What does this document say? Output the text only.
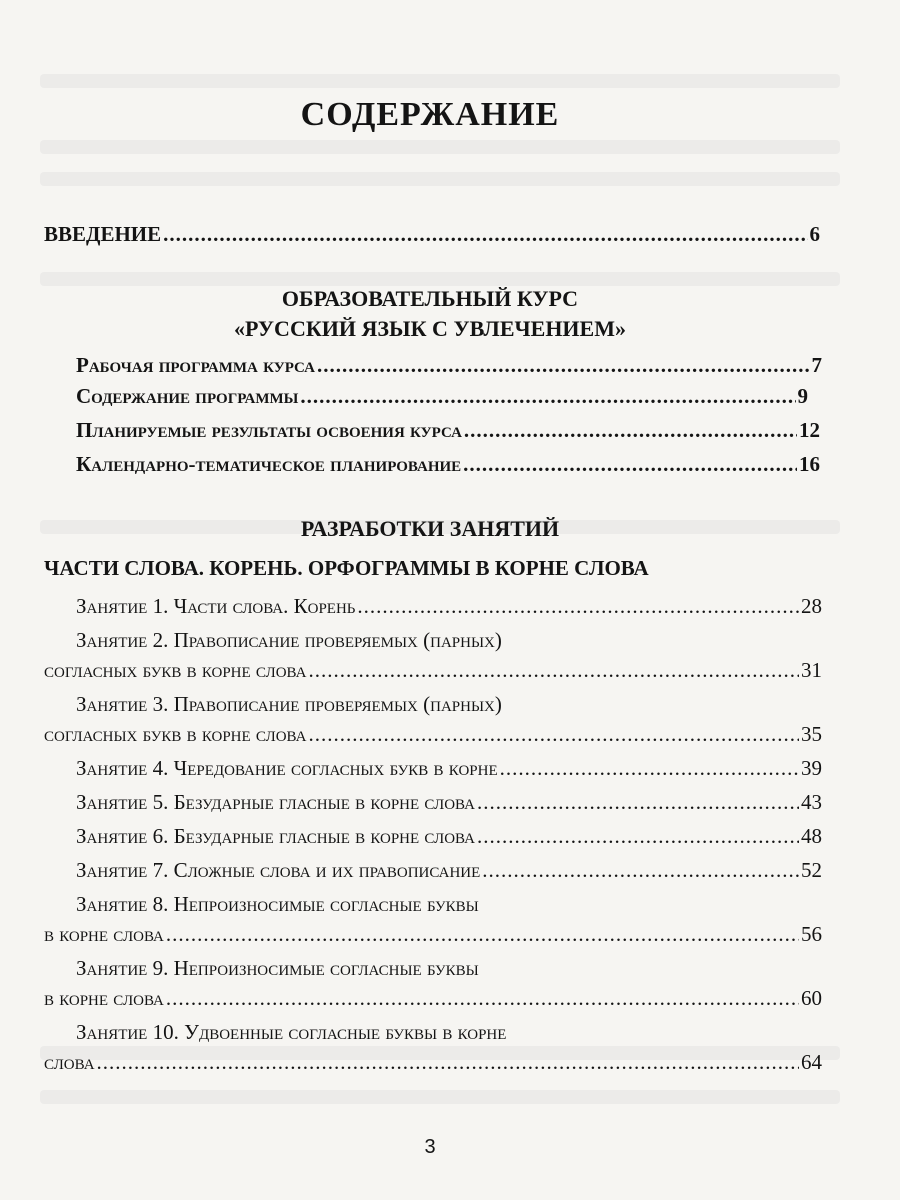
СОДЕРЖАНИЕ
ВВЕДЕНИЕ .....	6
ОБРАЗОВАТЕЛЬНЫЙ КУРС
«РУССКИЙ ЯЗЫК С УВЛЕЧЕНИЕМ»
Рабочая программа курса .....	7
Содержание программы .....	9
Планируемые результаты освоения курса .....	12
Календарно-тематическое планирование .....	16
РАЗРАБОТКИ ЗАНЯТИЙ
ЧАСТИ СЛОВА. КОРЕНЬ. ОРФОГРАММЫ В КОРНЕ СЛОВА
Занятие 1. Части слова. Корень .....	28
Занятие 2. Правописание проверяемых (парных)
согласных букв в корне слова .....	31
Занятие 3. Правописание проверяемых (парных)
согласных букв в корне слова .....	35
Занятие 4. Чередование согласных букв в корне .....	39
Занятие 5. Безударные гласные в корне слова .....	43
Занятие 6. Безударные гласные в корне слова .....	48
Занятие 7. Сложные слова и их правописание .....	52
Занятие 8. Непроизносимые согласные буквы
в корне слова .....	56
Занятие 9. Непроизносимые согласные буквы
в корне слова .....	60
Занятие 10. Удвоенные согласные буквы в корне
слова .....	64
3
